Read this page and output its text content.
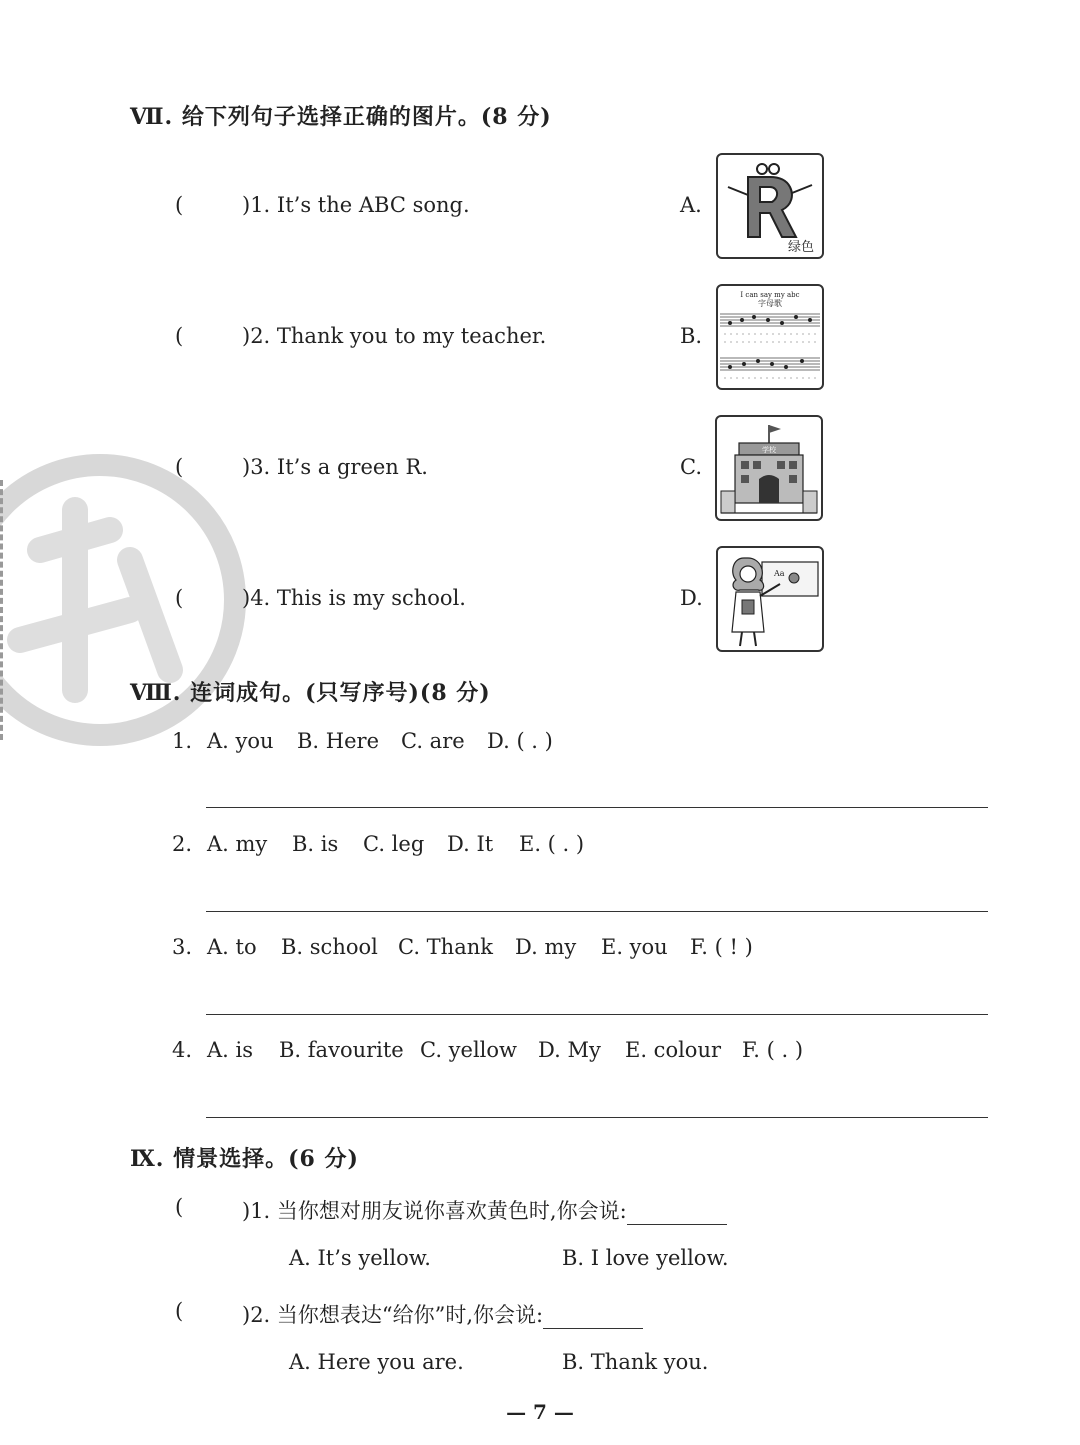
Ⅶ. 给下列句子选择正确的图片。(8 分)
(	)1. It’s the ABC song.
(	)2. Thank you to my teacher.
(	)3. It’s a green R.
(	)4. This is my school.
A.
绿色
B.
I can say my abc
字母歌
C.
学校
D.
Aa
Ⅷ. 连词成句。(只写序号)(8 分)
1. A. you B. Here C. are D. ( . )
2. A. my B. is C. leg D. It E. ( . )
3. A. to B. school C. Thank D. my E. you F. ( ! )
4. A. is B. favourite C. yellow D. My E. colour F. ( . )
Ⅸ. 情景选择。(6 分)
(	)1. 当你想对朋友说你喜欢黄色时,你会说:
A. It’s yellow.	B. I love yellow.
(	)2. 当你想表达“给你”时,你会说:
A. Here you are.	B. Thank you.
— 7 —
